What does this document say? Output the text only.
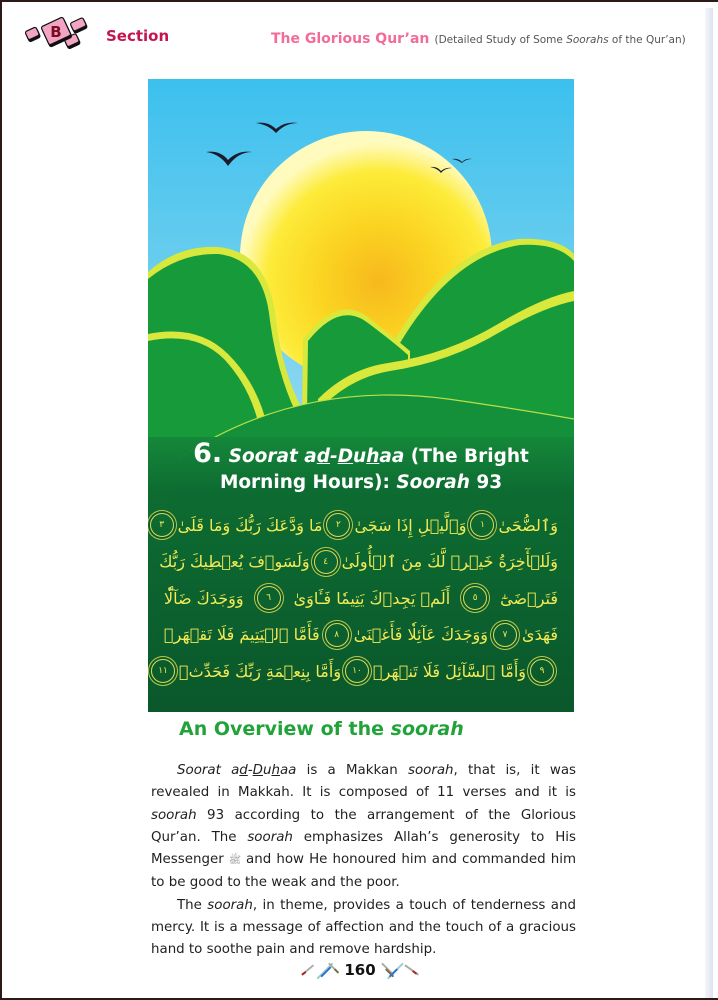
B	Section	The Glorious Qur’an (Detailed Study of Some Soorahs of the Qur’an)
6. Soorat ad-Duhaa (The Bright Morning Hours): Soorah 93
وَٱلضُّحَىٰ
١
وَٱلَّيۡلِ إِذَا سَجَىٰ
٢
مَا وَدَّعَكَ رَبُّكَ وَمَا قَلَىٰ
٣
وَلَلۡأٓخِرَةُ خَيۡرٞ لَّكَ مِنَ ٱلۡأُولَىٰ
٤
وَلَسَوۡفَ يُعۡطِيكَ رَبُّكَ
فَتَرۡضَىٰٓ
٥
أَلَمۡ يَجِدۡكَ يَتِيمٗا فَـَٔاوَىٰ
٦
وَوَجَدَكَ ضَآلّٗا
فَهَدَىٰ
٧
وَوَجَدَكَ عَآئِلٗا فَأَغۡنَىٰ
٨
فَأَمَّا ٱلۡيَتِيمَ فَلَا تَقۡهَرۡ
٩
وَأَمَّا ٱلسَّآئِلَ فَلَا تَنۡهَرۡ
١٠
وَأَمَّا بِنِعۡمَةِ رَبِّكَ فَحَدِّثۡ
١١
An Overview of the soorah

Soorat ad-Duhaa is a Makkan soorah, that is, it was revealed in Makkah. It is composed of 11 verses and it is soorah 93 according to the arrangement of the Glorious Qur’an. The soorah emphasizes Allah’s generosity to His Messenger ﷺ and how He honoured him and commanded him to be good to the weak and the poor.

The soorah, in theme, provides a touch of tenderness and mercy. It is a message of affection and the touch of a gracious hand to soothe pain and remove hardship.

160
